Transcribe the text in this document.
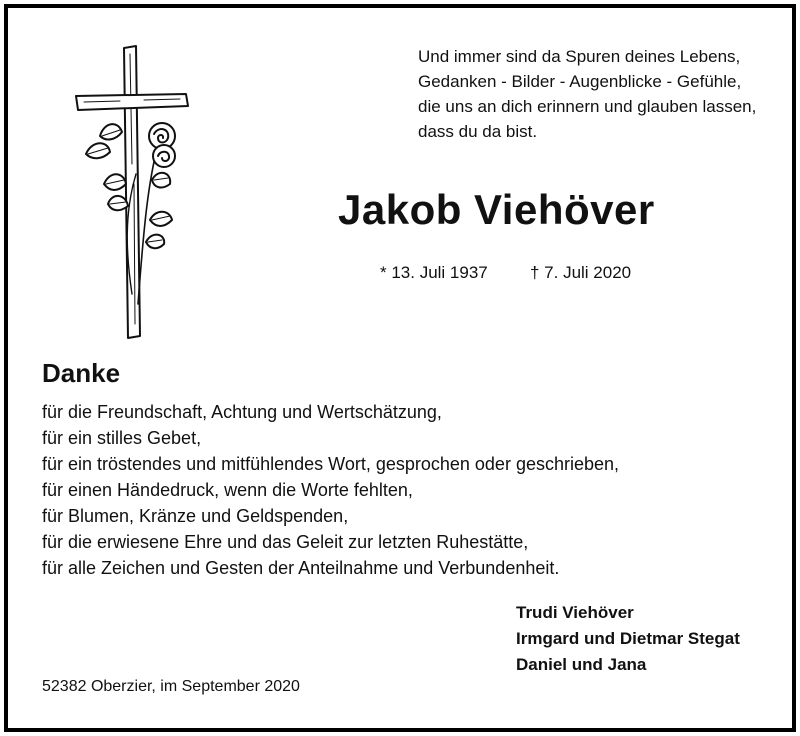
Und immer sind da Spuren deines Lebens,
Gedanken - Bilder - Augenblicke - Gefühle,
die uns an dich erinnern und glauben lassen,
dass du da bist.
Jakob Viehöver
* 13. Juli 1937 † 7. Juli 2020
Danke
für die Freundschaft, Achtung und Wertschätzung,
für ein stilles Gebet,
für ein tröstendes und mitfühlendes Wort, gesprochen oder geschrieben,
für einen Händedruck, wenn die Worte fehlten,
für Blumen, Kränze und Geldspenden,
für die erwiesene Ehre und das Geleit zur letzten Ruhestätte,
für alle Zeichen und Gesten der Anteilnahme und Verbundenheit.
Trudi Viehöver
Irmgard und Dietmar Stegat
Daniel und Jana
52382 Oberzier, im September 2020
